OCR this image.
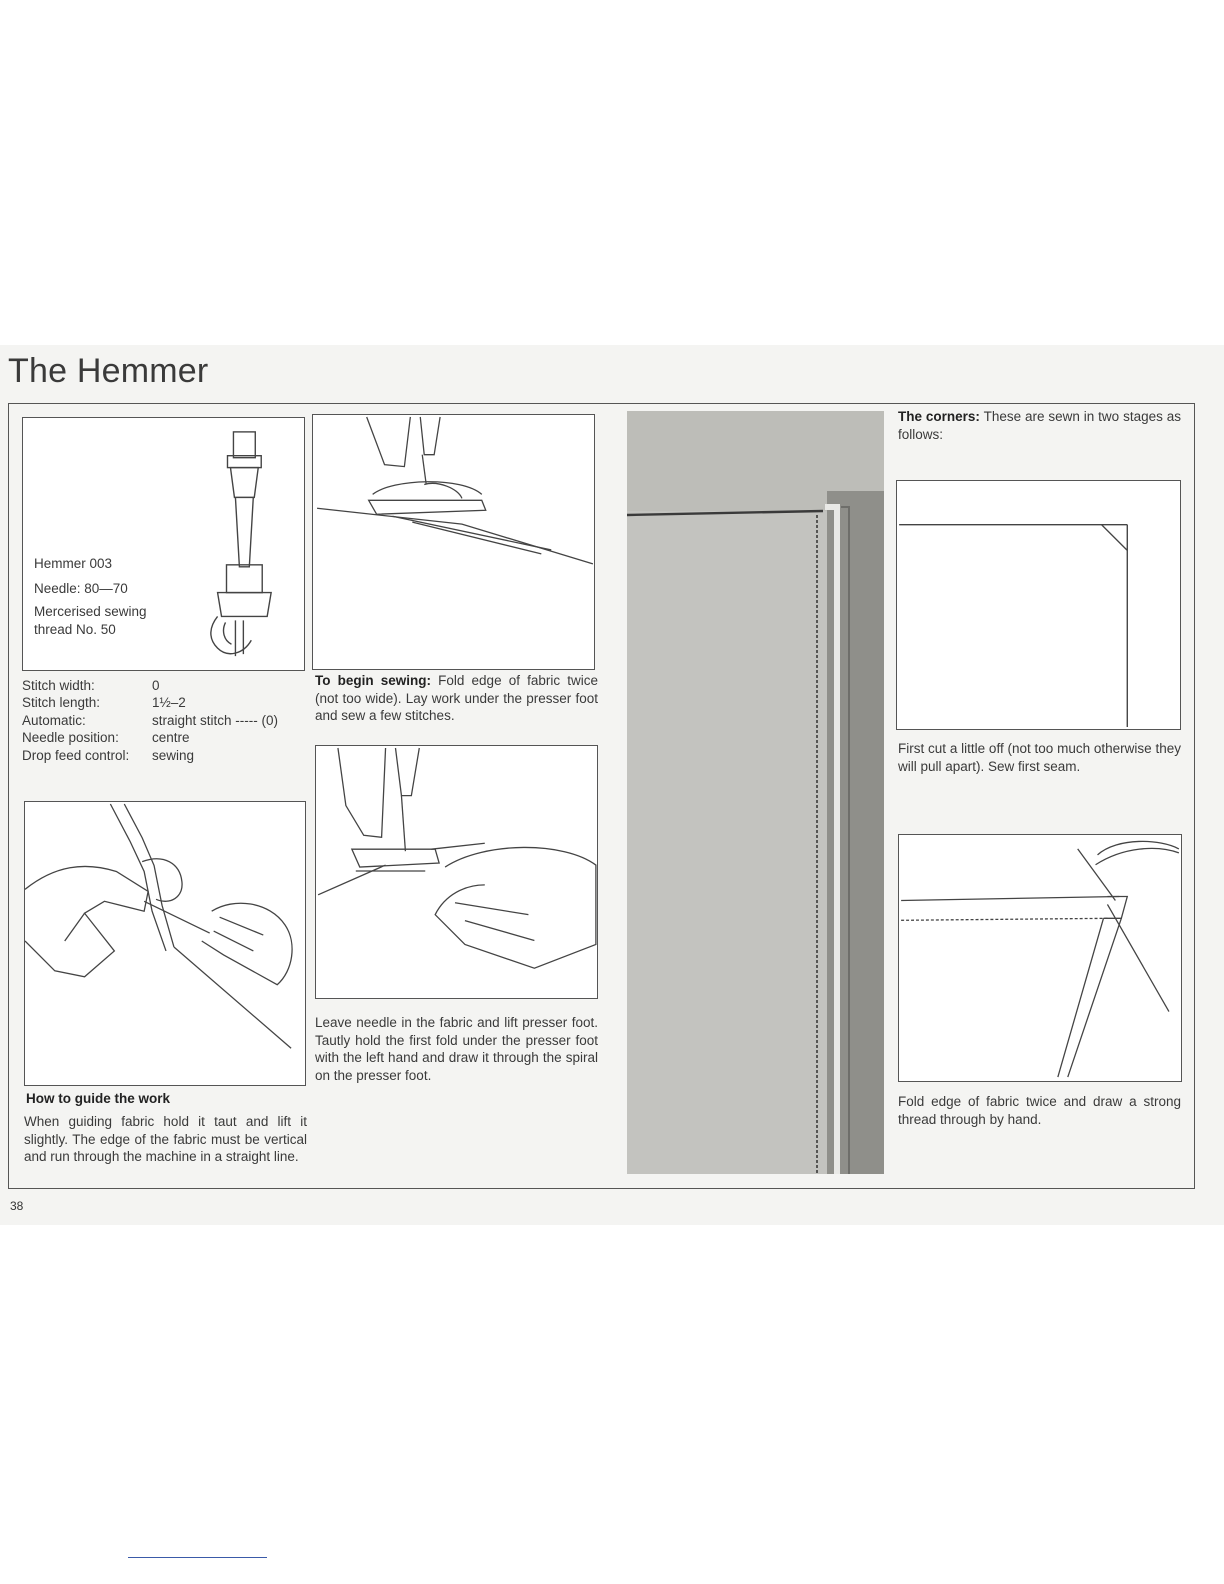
The Hemmer
Hemmer 003
Needle: 80—70
Mercerised sewing
thread No. 50
Stitch width:	0
Stitch length:	1½–2
Automatic:	straight stitch ----- (0)
Needle position:	centre
Drop feed control:	sewing
How to guide the work
When guiding fabric hold it taut and lift it slightly. The edge of the fabric must be vertical and run through the machine in a straight line.
To begin sewing: Fold edge of fabric twice (not too wide). Lay work under the presser foot and sew a few stitches.
Leave needle in the fabric and lift presser foot. Tautly hold the first fold under the presser foot with the left hand and draw it through the spiral on the presser foot.
The corners: These are sewn in two stages as follows:
First cut a little off (not too much otherwise they will pull apart). Sew first seam.
Fold edge of fabric twice and draw a strong thread through by hand.
38
